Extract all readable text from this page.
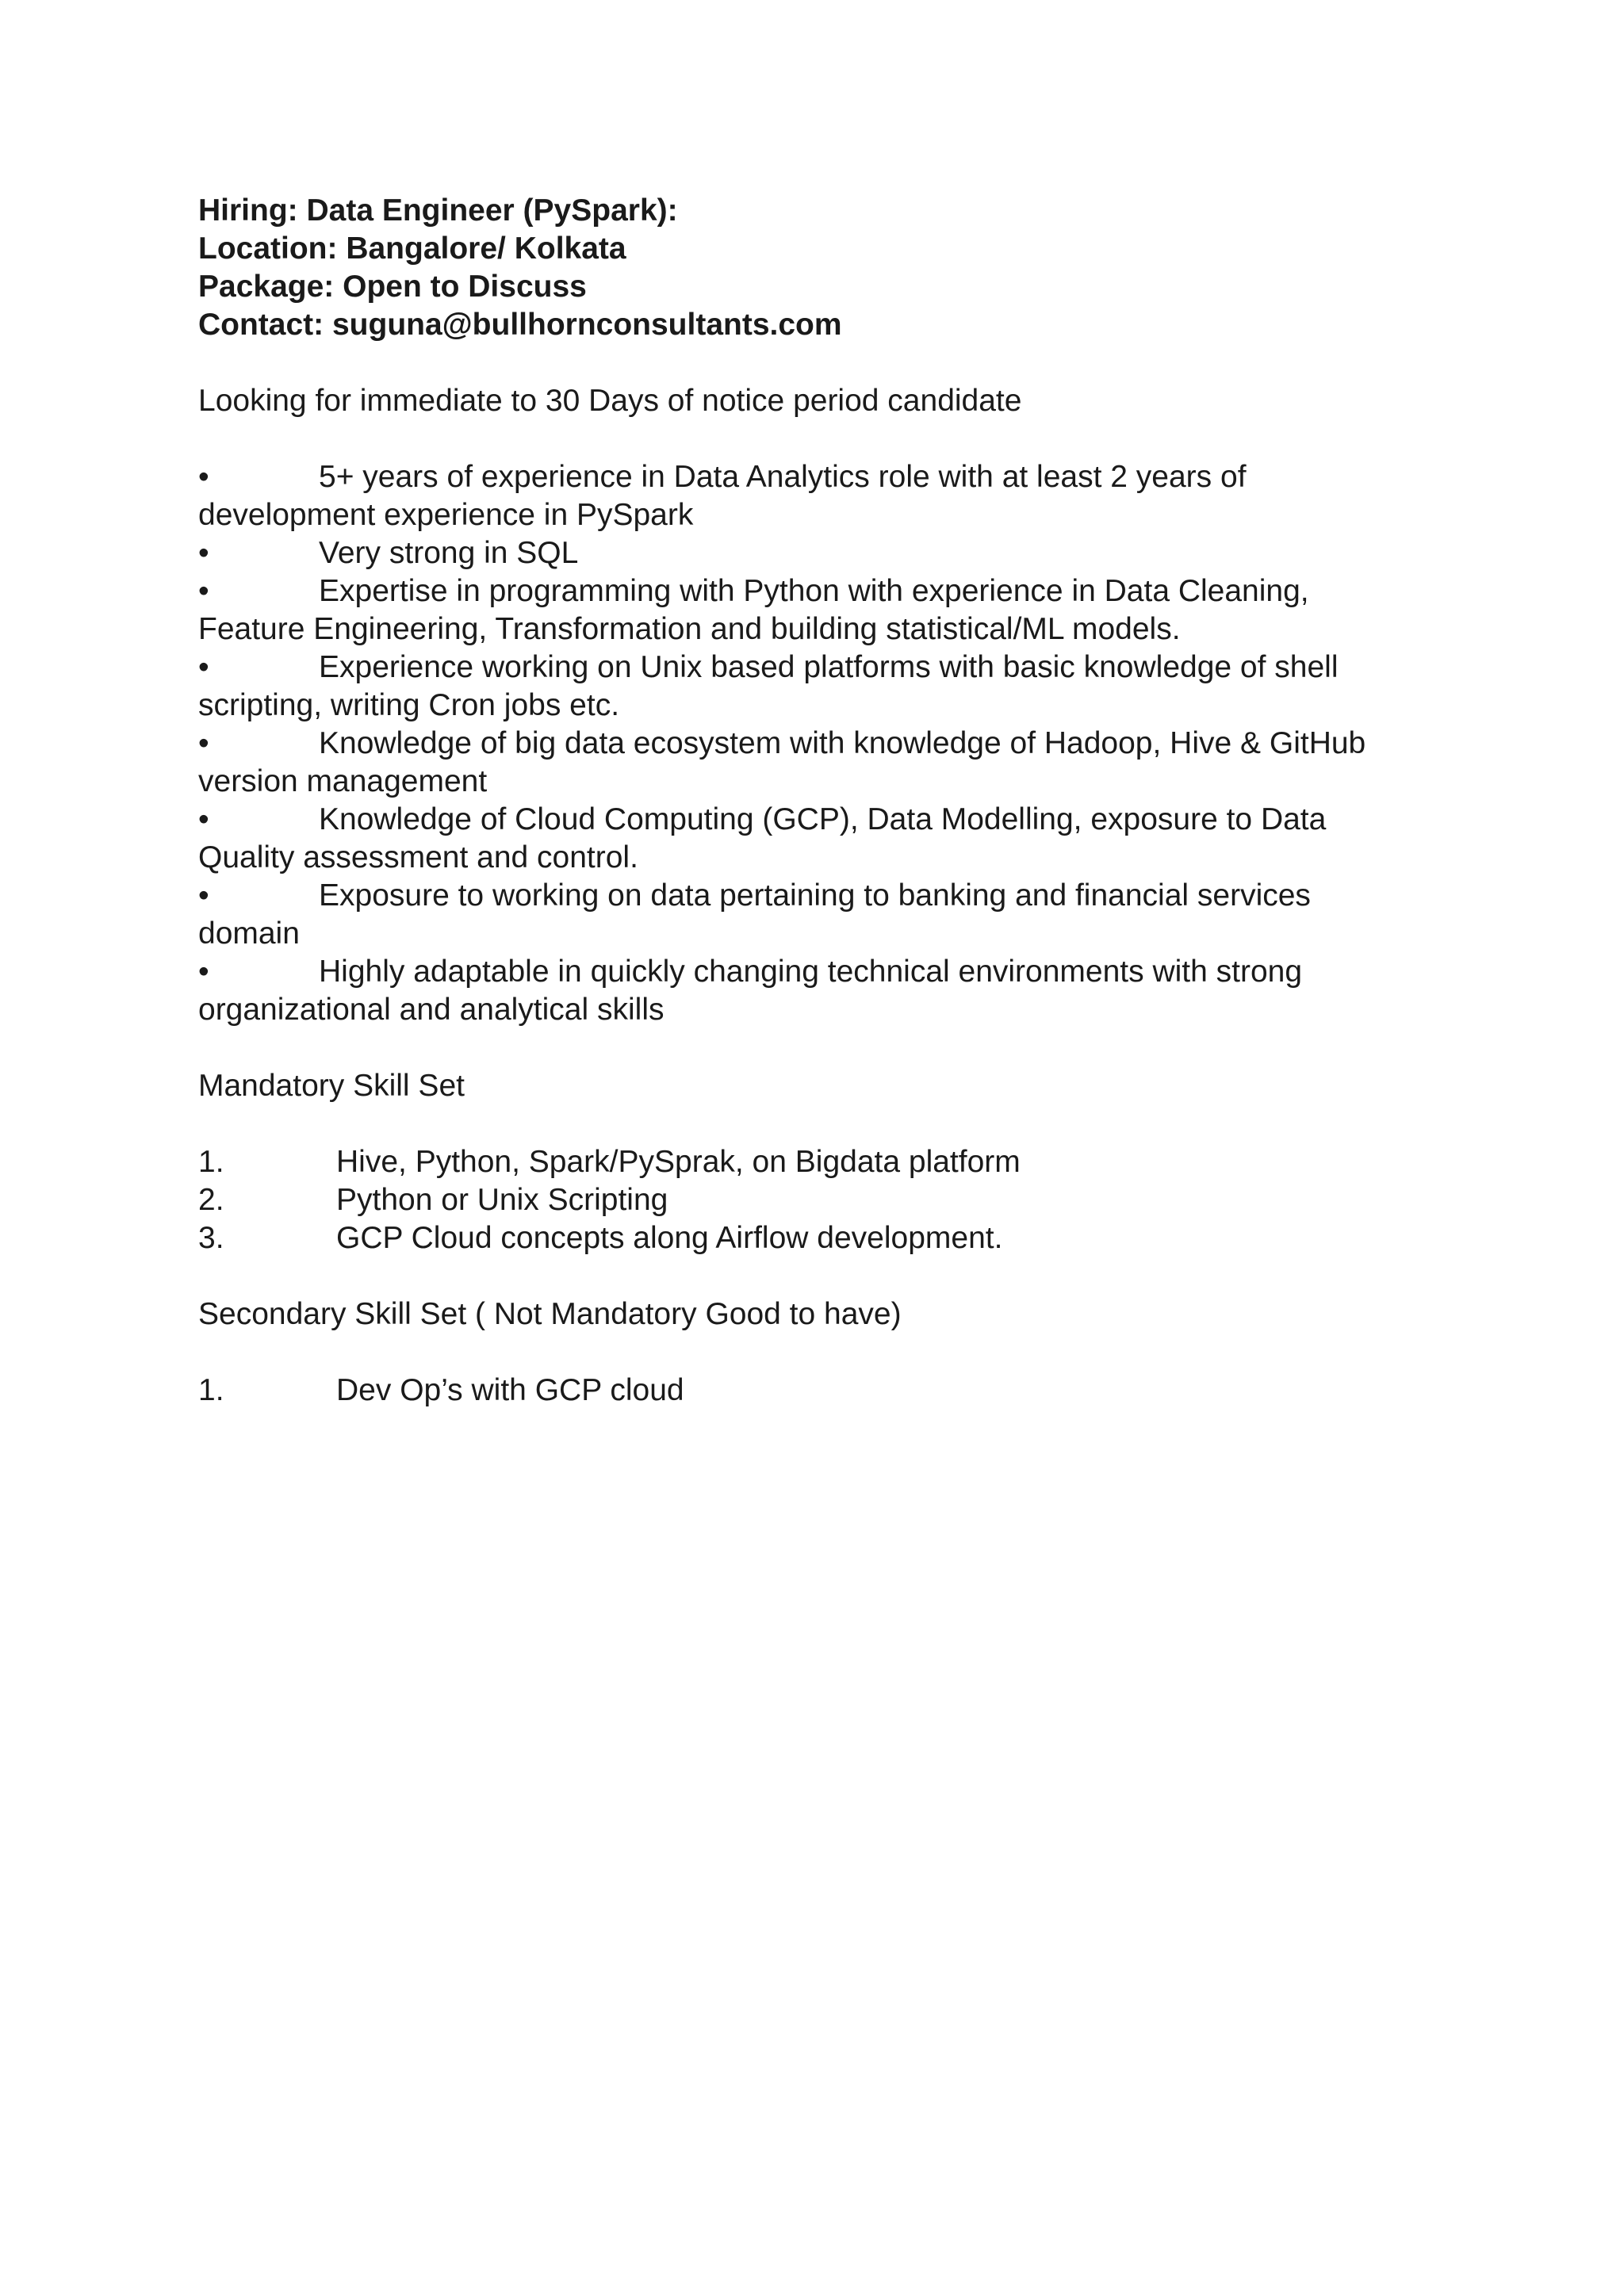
Hiring: Data Engineer (PySpark):
Location: Bangalore/ Kolkata
Package: Open to Discuss
Contact: suguna@bullhornconsultants.com
Looking for immediate to 30 Days of notice period candidate
•	5+ years of experience in Data Analytics role with at least 2 years of
development experience in PySpark
•	Very strong in SQL
•	Expertise in programming with Python with experience in Data Cleaning,
Feature Engineering, Transformation and building statistical/ML models.
•	Experience working on Unix based platforms with basic knowledge of shell
scripting, writing Cron jobs etc.
•	Knowledge of big data ecosystem with knowledge of Hadoop, Hive & GitHub
version management
•	Knowledge of Cloud Computing (GCP), Data Modelling, exposure to Data
Quality assessment and control.
•	Exposure to working on data pertaining to banking and financial services
domain
•	Highly adaptable in quickly changing technical environments with strong
organizational and analytical skills
Mandatory Skill Set
1.	Hive, Python, Spark/PySprak, on Bigdata platform
2.	Python or Unix Scripting
3.	GCP Cloud concepts along Airflow development.
Secondary Skill Set ( Not Mandatory Good to have)
1.	Dev Op’s with GCP cloud
